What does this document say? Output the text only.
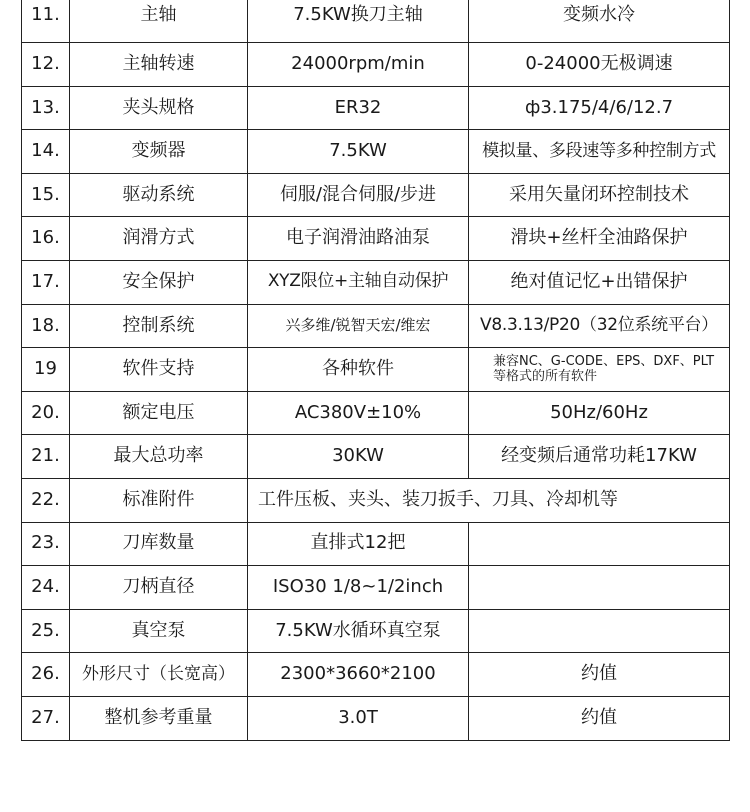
11.	主轴	7.5KW换刀主轴	变频水冷
12.	主轴转速	24000rpm/min	0-24000无极调速
13.	夹头规格	ER32	ф3.175/4/6/12.7
14.	变频器	7.5KW	模拟量、多段速等多种控制方式
15.	驱动系统	伺服/混合伺服/步进	采用矢量闭环控制技术
16.	润滑方式	电子润滑油路油泵	滑块+丝杆全油路保护
17.	安全保护	XYZ限位+主轴自动保护	绝对值记忆+出错保护
18.	控制系统	兴多维/锐智天宏/维宏	V8.3.13/P20（32位系统平台）
19	软件支持	各种软件	兼容NC、G-CODE、EPS、DXF、PLT等格式的所有软件
20.	额定电压	AC380V±10%	50Hz/60Hz
21.	最大总功率	30KW	经变频后通常功耗17KW
22.	标准附件	工件压板、夹头、装刀扳手、刀具、冷却机等	
23.	刀库数量	直排式12把	
24.	刀柄直径	ISO30 1/8~1/2inch	
25.	真空泵	7.5KW水循环真空泵	
26.	外形尺寸（长宽高）	2300*3660*2100	约值
27.	整机参考重量	3.0T	约值
